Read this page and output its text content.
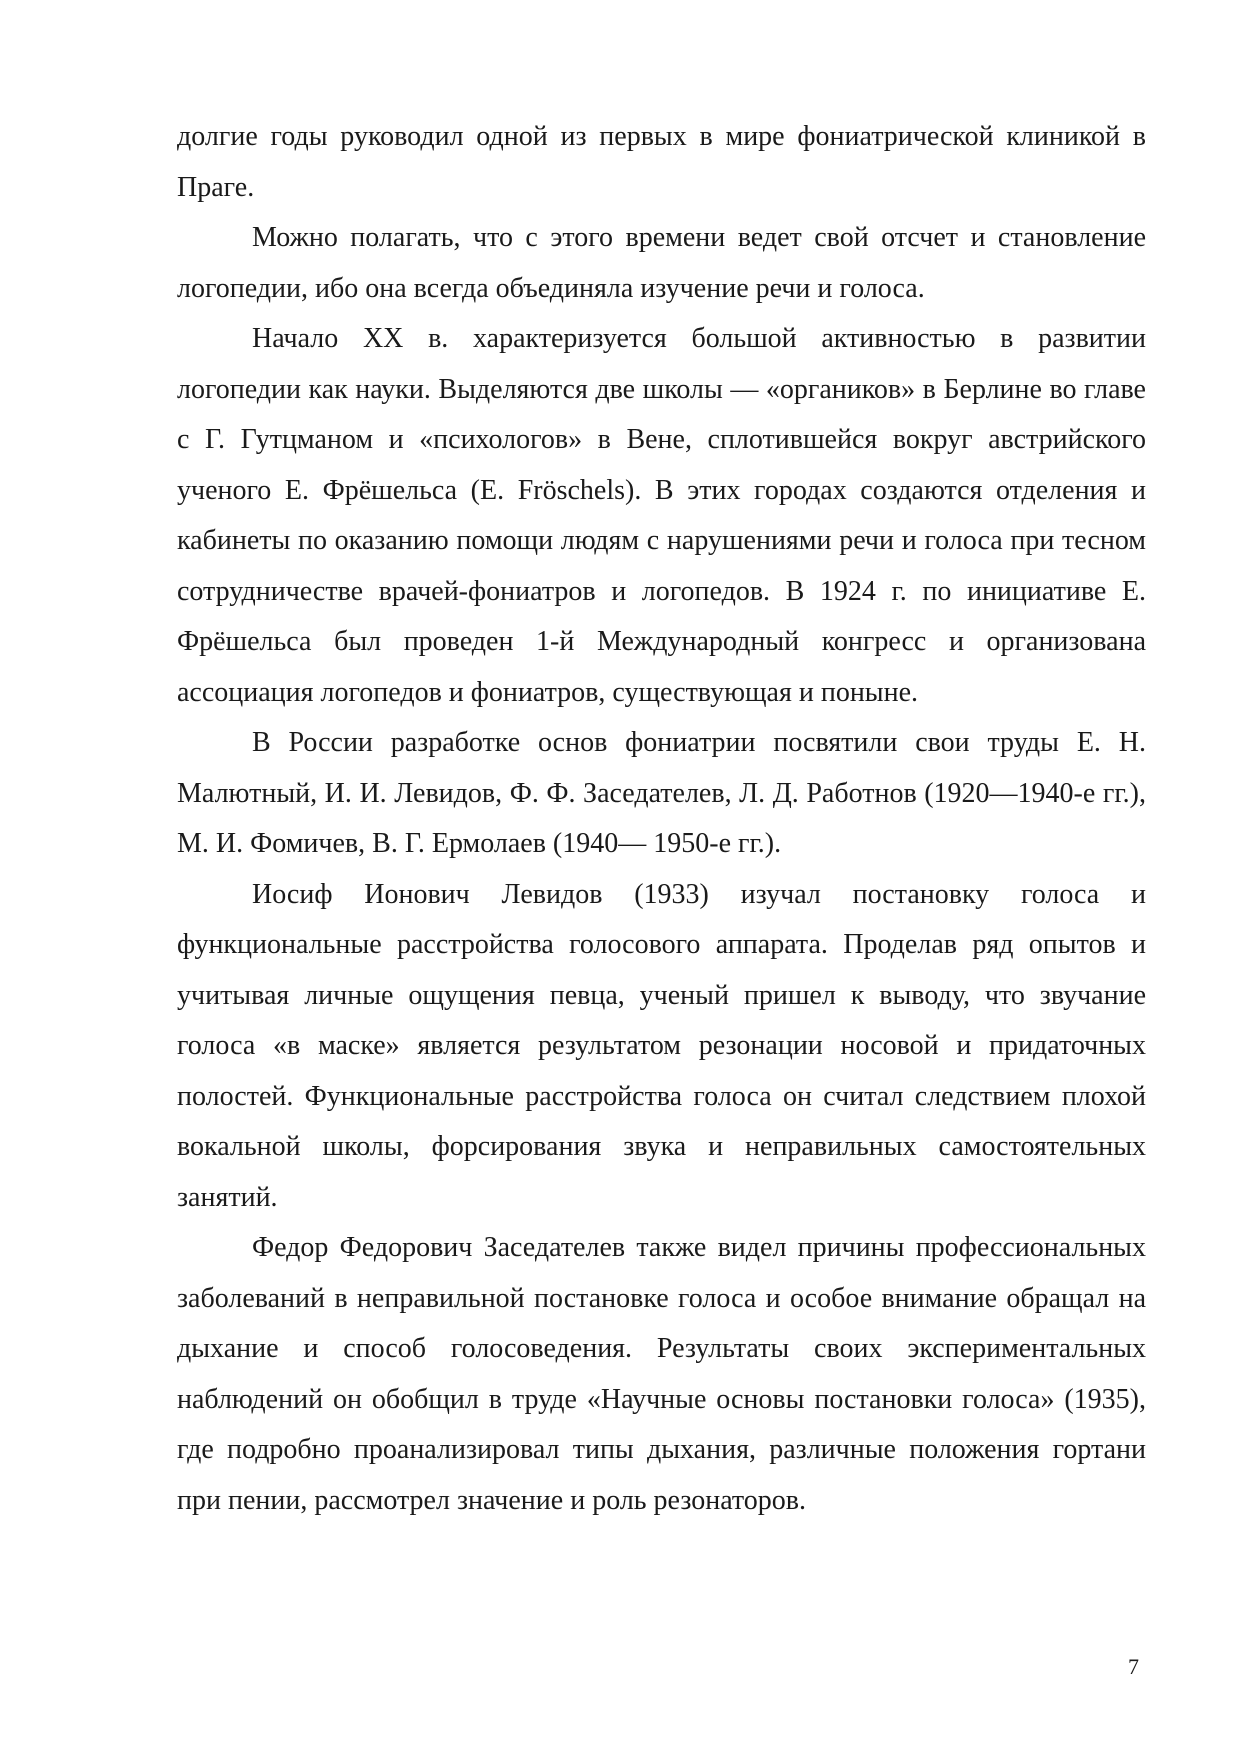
долгие годы руководил одной из первых в мире фониатрической клиникой в Праге.

Можно полагать, что с этого времени ведет свой отсчет и становление логопедии, ибо она всегда объединяла изучение речи и голоса.

Начало XX в. характеризуется большой активностью в развитии логопедии как науки. Выделяются две школы — «органиков» в Берлине во главе с Г. Гутцманом и «психологов» в Вене, сплотившейся вокруг австрийского ученого Е. Фрёшельса (Е. Fröschels). В этих городах создаются отделения и кабинеты по оказанию помощи людям с нарушениями речи и голоса при тесном сотрудничестве врачей-фониатров и логопедов. В 1924 г. по инициативе Е. Фрёшельса был проведен 1-й Международный конгресс и организована ассоциация логопедов и фониатров, существующая и поныне.

В России разработке основ фониатрии посвятили свои труды Е. Н. Малютный, И. И. Левидов, Ф. Ф. Заседателев, Л. Д. Работнов (1920—1940-е гг.), М. И. Фомичев, В. Г. Ермолаев (1940— 1950-е гг.).

Иосиф Ионович Левидов (1933) изучал постановку голоса и функциональные расстройства голосового аппарата. Проделав ряд опытов и учитывая личные ощущения певца, ученый пришел к выводу, что звучание голоса «в маске» является результатом резонации носовой и придаточных полостей. Функциональные расстройства голоса он считал следствием плохой вокальной школы, форсирования звука и неправильных самостоятельных занятий.

Федор Федорович Заседателев также видел причины профессиональных заболеваний в неправильной постановке голоса и особое внимание обращал на дыхание и способ голосоведения. Результаты своих экспериментальных наблюдений он обобщил в труде «Научные основы постановки голоса» (1935), где подробно проанализировал типы дыхания, различные положения гортани при пении, рассмотрел значение и роль резонаторов.

7
